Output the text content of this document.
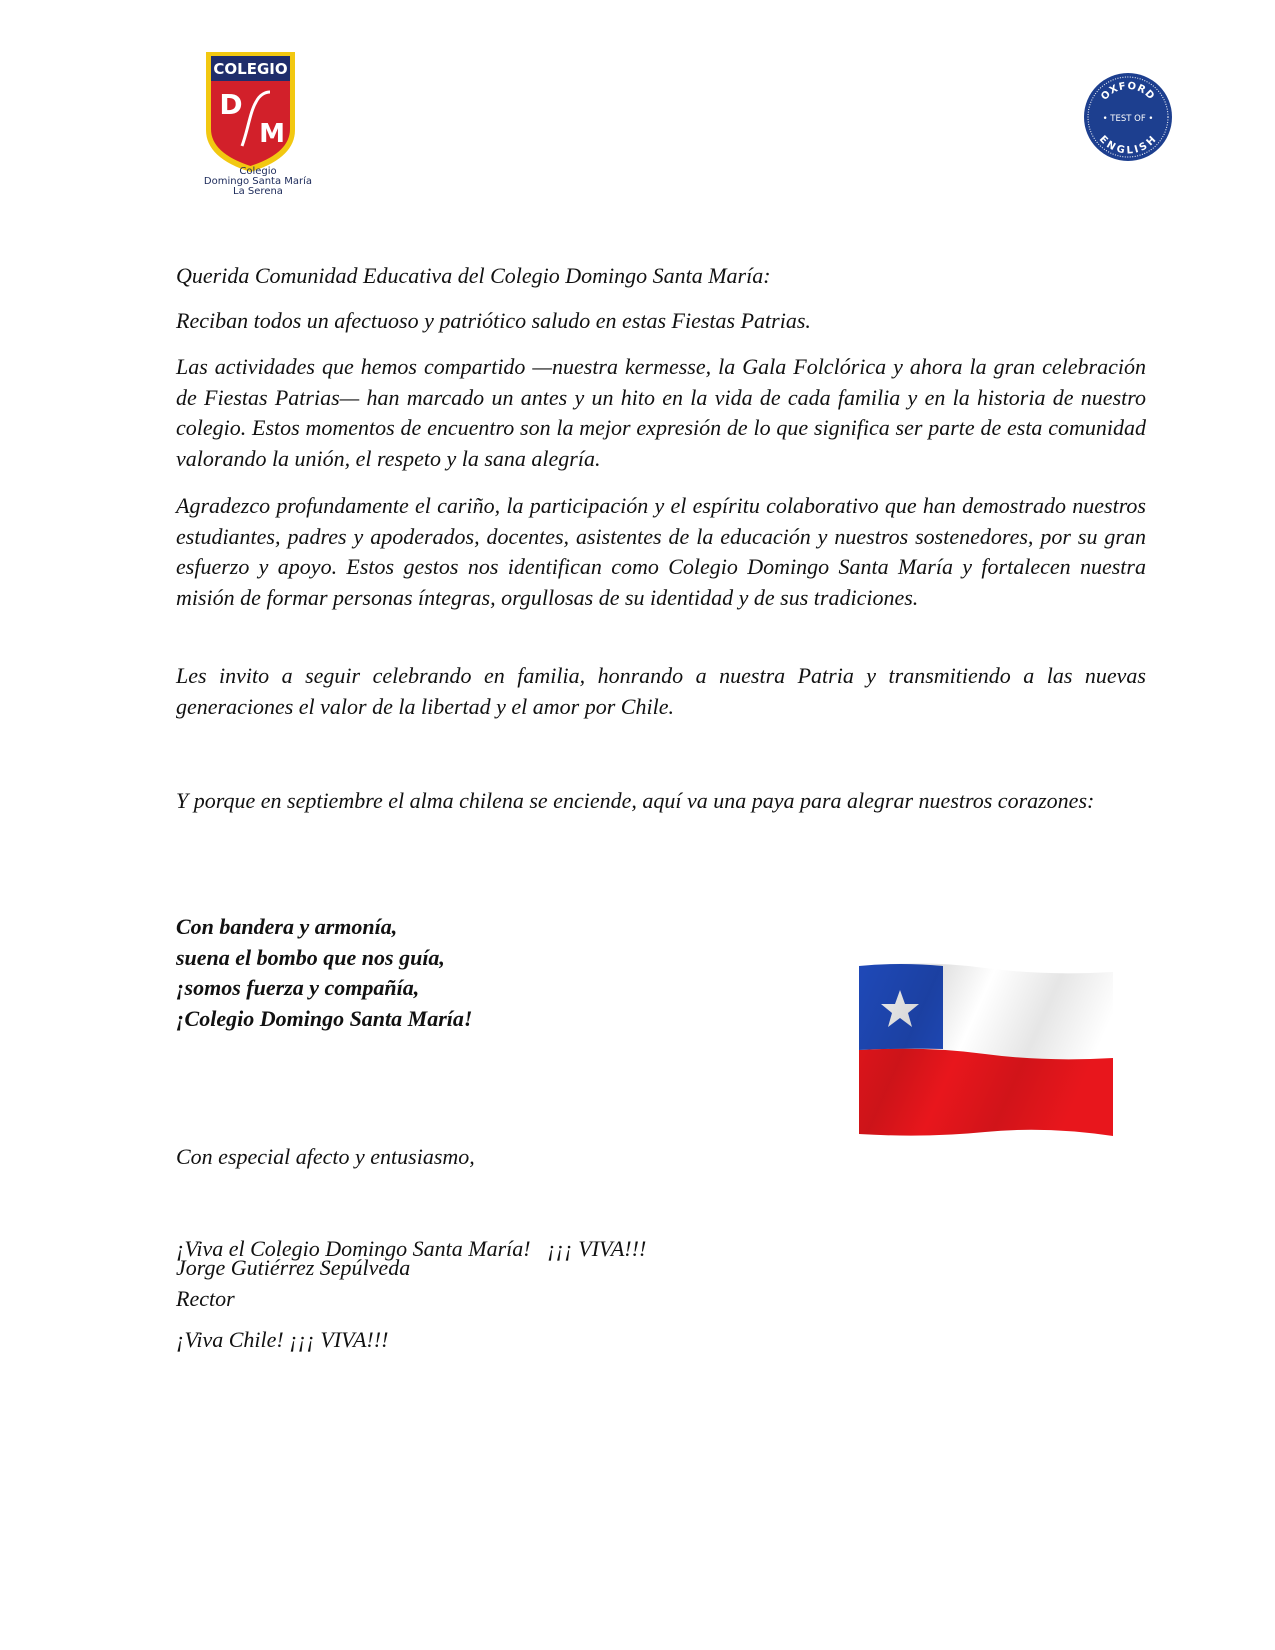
COLEGIO
D
M
Colegio
Domingo Santa María
La Serena
OXFORD
• TEST OF •
ENGLISH

Querida Comunidad Educativa del Colegio Domingo Santa María:

Reciban todos un afectuoso y patriótico saludo en estas Fiestas Patrias.

Las actividades que hemos compartido —nuestra kermesse, la Gala Folclórica y ahora la gran celebración de Fiestas Patrias— han marcado un antes y un hito en la vida de cada familia y en la historia de nuestro colegio. Estos momentos de encuentro son la mejor expresión de lo que significa ser parte de esta comunidad valorando la unión, el respeto y la sana alegría.

Agradezco profundamente el cariño, la participación y el espíritu colaborativo que han demostrado nuestros estudiantes, padres y apoderados, docentes, asistentes de la educación y nuestros sostenedores, por su gran esfuerzo y apoyo. Estos gestos nos identifican como Colegio Domingo Santa María y fortalecen nuestra misión de formar personas íntegras, orgullosas de su identidad y de sus tradiciones.

Les invito a seguir celebrando en familia, honrando a nuestra Patria y transmitiendo a las nuevas generaciones el valor de la libertad y el amor por Chile.

Y porque en septiembre el alma chilena se enciende, aquí va una paya para alegrar nuestros corazones:

Con bandera y armonía,
suena el bombo que nos guía,
¡somos fuerza y compañía,
¡Colegio Domingo Santa María!

Con especial afecto y entusiasmo,

¡Viva el Colegio Domingo Santa María!   ¡¡¡ VIVA!!!

¡Viva Chile! ¡¡¡ VIVA!!!

Jorge Gutiérrez Sepúlveda
Rector
